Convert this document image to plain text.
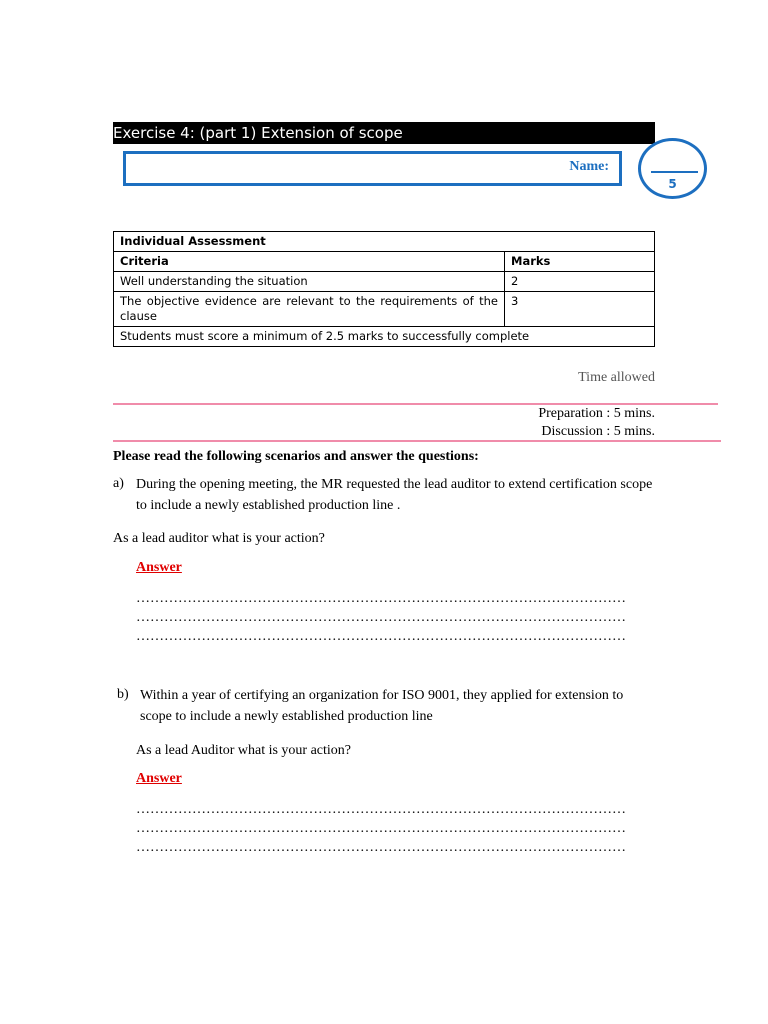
Exercise 4: (part 1) Extension of scope
Name:
5
Individual Assessment	
Criteria	Marks
Well understanding the situation	2
The objective evidence are relevant to the requirements of the clause	3
Students must score a minimum of 2.5 marks to successfully complete	
Time allowed
Preparation : 5 mins.
Discussion : 5 mins.
Please read the following scenarios and answer the questions:
a) During the opening meeting, the MR requested the lead auditor to extend certification scope to include a newly established production line .
As a lead auditor what is your action?
Answer
……………………………………………………………………………………………
……………………………………………………………………………………………
……………………………………………………………………………………………
b) Within a year of certifying an organization for ISO 9001, they applied for extension to scope to include a newly established production line
As a lead Auditor what is your action?
Answer
……………………………………………………………………………………………
……………………………………………………………………………………………
……………………………………………………………………………………………
